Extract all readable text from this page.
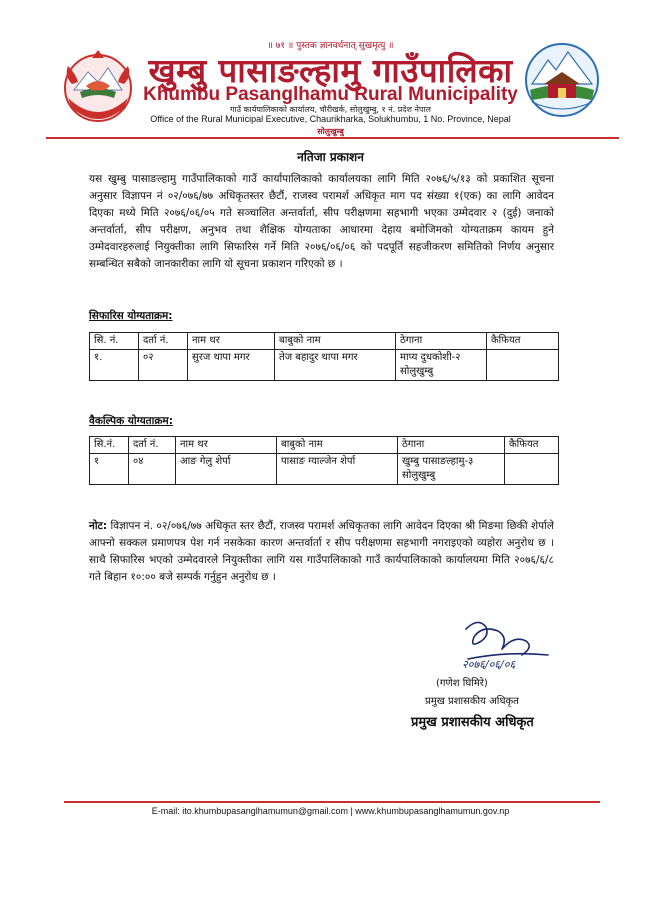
॥ ७१ ॥ पुस्तक ज्ञानवर्धनात् सुखमृत्यु ॥
खुम्बु पासाङल्हामु गाउँपालिका
Khumbu Pasanglhamu Rural Municipality
गाउँ कार्यपालिकाको कार्यालय, चौरीखर्क, सोलुखुम्बु, १ नं. प्रदेश नेपाल
Office of the Rural Municipal Executive, Chaurikharka, Solukhumbu, 1 No. Province, Nepal
सोलुखुम्बु
नतिजा प्रकाशन
यस खुम्बु पासाङल्हामु गाउँपालिकाको गाउँ कार्यापालिकाको कार्यालयका लागि मिति २०७६/५/१३ को प्रकाशित सूचना अनुसार विज्ञापन नं ०२/०७६/७७ अधिकृतस्तर छैटौं, राजस्व परामर्श अधिकृत माग पद संख्या १(एक) का लागि आवेदन दिएका मध्ये मिति २०७६/०६/०५ गते सञ्चालित अन्तर्वार्ता, सीप परीक्षणमा सहभागी भएका उम्मेदवार २ (दुई) जनाको अन्तर्वार्ता, सीप परीक्षण, अनुभव तथा शैक्षिक योग्यताका आधारमा देहाय बमोजिमको योग्यताक्रम कायम हुने उम्मेदवारहरुलाई नियुक्तीका लागि सिफारिस गर्ने मिति २०७६/०६/०६ को पदपूर्ति सहजीकरण समितिको निर्णय अनुसार सम्बन्धित सबैको जानकारीका लागि यो सूचना प्रकाशन गरिएको छ ।
सिफारिस योग्यताक्रम:
सि. नं.	दर्ता नं.	नाम थर	बाबुको नाम	ठेगाना	कैफियत
१.	०२	सुरज थापा मगर	तेज बहादुर थापा मगर	माप्य दुधकोशी-२ सोलुखुम्बु	
वैकल्पिक योग्यताक्रम:
सि.नं.	दर्ता नं.	नाम थर	बाबुको नाम	ठेगाना	कैफियत
१	०४	आङ गेलु शेर्पा	पासाङ ग्याल्जेन शेर्पा	खुम्बु पासाङल्हामु-३ सोलुखुम्बु	
नोट: विज्ञापन नं. ०२/०७६/७७ अधिकृत स्तर छैटौं, राजस्व परामर्श अधिकृतका लागि आवेदन दिएका श्री मिङमा छिकी शेर्पाले आफ्नो सक्कल प्रमाणपत्र पेश गर्न नसकेका कारण अन्तर्वार्ता र सीप परीक्षणमा सहभागी नगराइएको व्यहोरा अनुरोध छ । साथै सिफारिस भएको उम्मेदवारले नियुक्तीका लागि यस गाउँपालिकाको गाउँ कार्यपालिकाको कार्यालयमा मिति २०७६/६/८ गते बिहान १०:०० बजे सम्पर्क गर्नुहुन अनुरोध छ ।
२०७६/०६/०६
(गणेश घिमिरे)
प्रमुख प्रशासकीय अधिकृत
प्रमुख प्रशासकीय अधिकृत
E-mail: ito.khumbupasanglhamumun@gmail.com | www.khumbupasanglhamumun.gov.np
